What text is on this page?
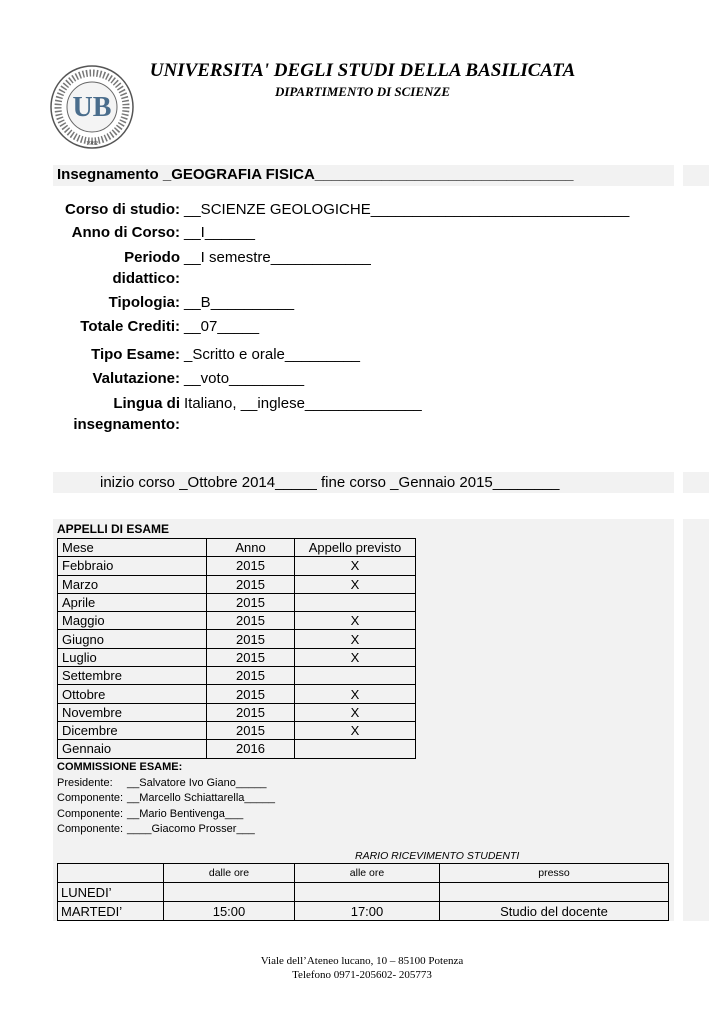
UB
1982
UNIVERSITA' DEGLI STUDI DELLA BASILICATA
DIPARTIMENTO DI SCIENZE
Insegnamento _GEOGRAFIA FISICA_______________________________
Corso di studio: __SCIENZE GEOLOGICHE_______________________________
Anno di Corso: __I______
Periodo didattico:
__I semestre____________
Tipologia: __B__________
Totale Crediti: __07_____
Tipo Esame: _Scritto e orale_________
Valutazione: __voto_________
Lingua di insegnamento:
Italiano, __inglese______________
inizio corso _Ottobre 2014_____ fine corso _Gennaio 2015________
APPELLI DI ESAME
Mese	Anno	Appello previsto
Febbraio	2015	X
Marzo	2015	X
Aprile	2015	
Maggio	2015	X
Giugno	2015	X
Luglio	2015	X
Settembre	2015	
Ottobre	2015	X
Novembre	2015	X
Dicembre	2015	X
Gennaio	2016	
COMMISSIONE ESAME:
Presidente: __Salvatore Ivo Giano_____
Componente: __Marcello Schiattarella_____
Componente: __Mario Bentivenga___
Componente: ____Giacomo Prosser___
RARIO RICEVIMENTO STUDENTI
	dalle ore	alle ore	presso
LUNEDI’			
MARTEDI’	15:00	17:00	Studio del docente
Viale dell’Ateneo lucano, 10 – 85100 Potenza
Telefono 0971-205602- 205773
